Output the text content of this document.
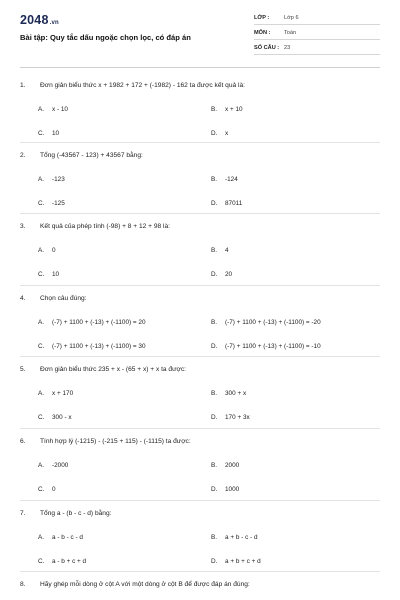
2048.vn
Bài tập: Quy tắc dấu ngoặc chọn lọc, có đáp án
LỚP :	Lớp 6
MÔN : Toán
SỐ CÂU : 23
1. Đơn giản biểu thức x + 1982 + 172 + (-1982) - 162 ta được kết quả là:
A. x - 10	B. x + 10
C. 10	D. x
2. Tổng (-43567 - 123) + 43567 bằng:
A. -123	B. -124
C. -125	D. 87011
3. Kết quả của phép tính (-98) + 8 + 12 + 98 là:
A. 0	B. 4
C. 10	D. 20
4. Chọn câu đúng:
A. (-7) + 1100 + (-13) + (-1100) = 20	B. (-7) + 1100 + (-13) + (-1100) = -20
C. (-7) + 1100 + (-13) + (-1100) = 30	D. (-7) + 1100 + (-13) + (-1100) = -10
5. Đơn giản biểu thức 235 + x - (65 + x) + x ta được:
A. x + 170	B. 300 + x
C. 300 - x	D. 170 + 3x
6. Tính hợp lý (-1215) - (-215 + 115) - (-1115) ta được:
A. -2000	B. 2000
C. 0	D. 1000
7. Tổng a - (b - c - d) bằng:
A. a - b - c - d	B. a + b - c - d
C. a - b + c + d	D. a + b + c + d
8. Hãy ghép mỗi dòng ở cột A với một dòng ở cột B để được đáp án đúng:
